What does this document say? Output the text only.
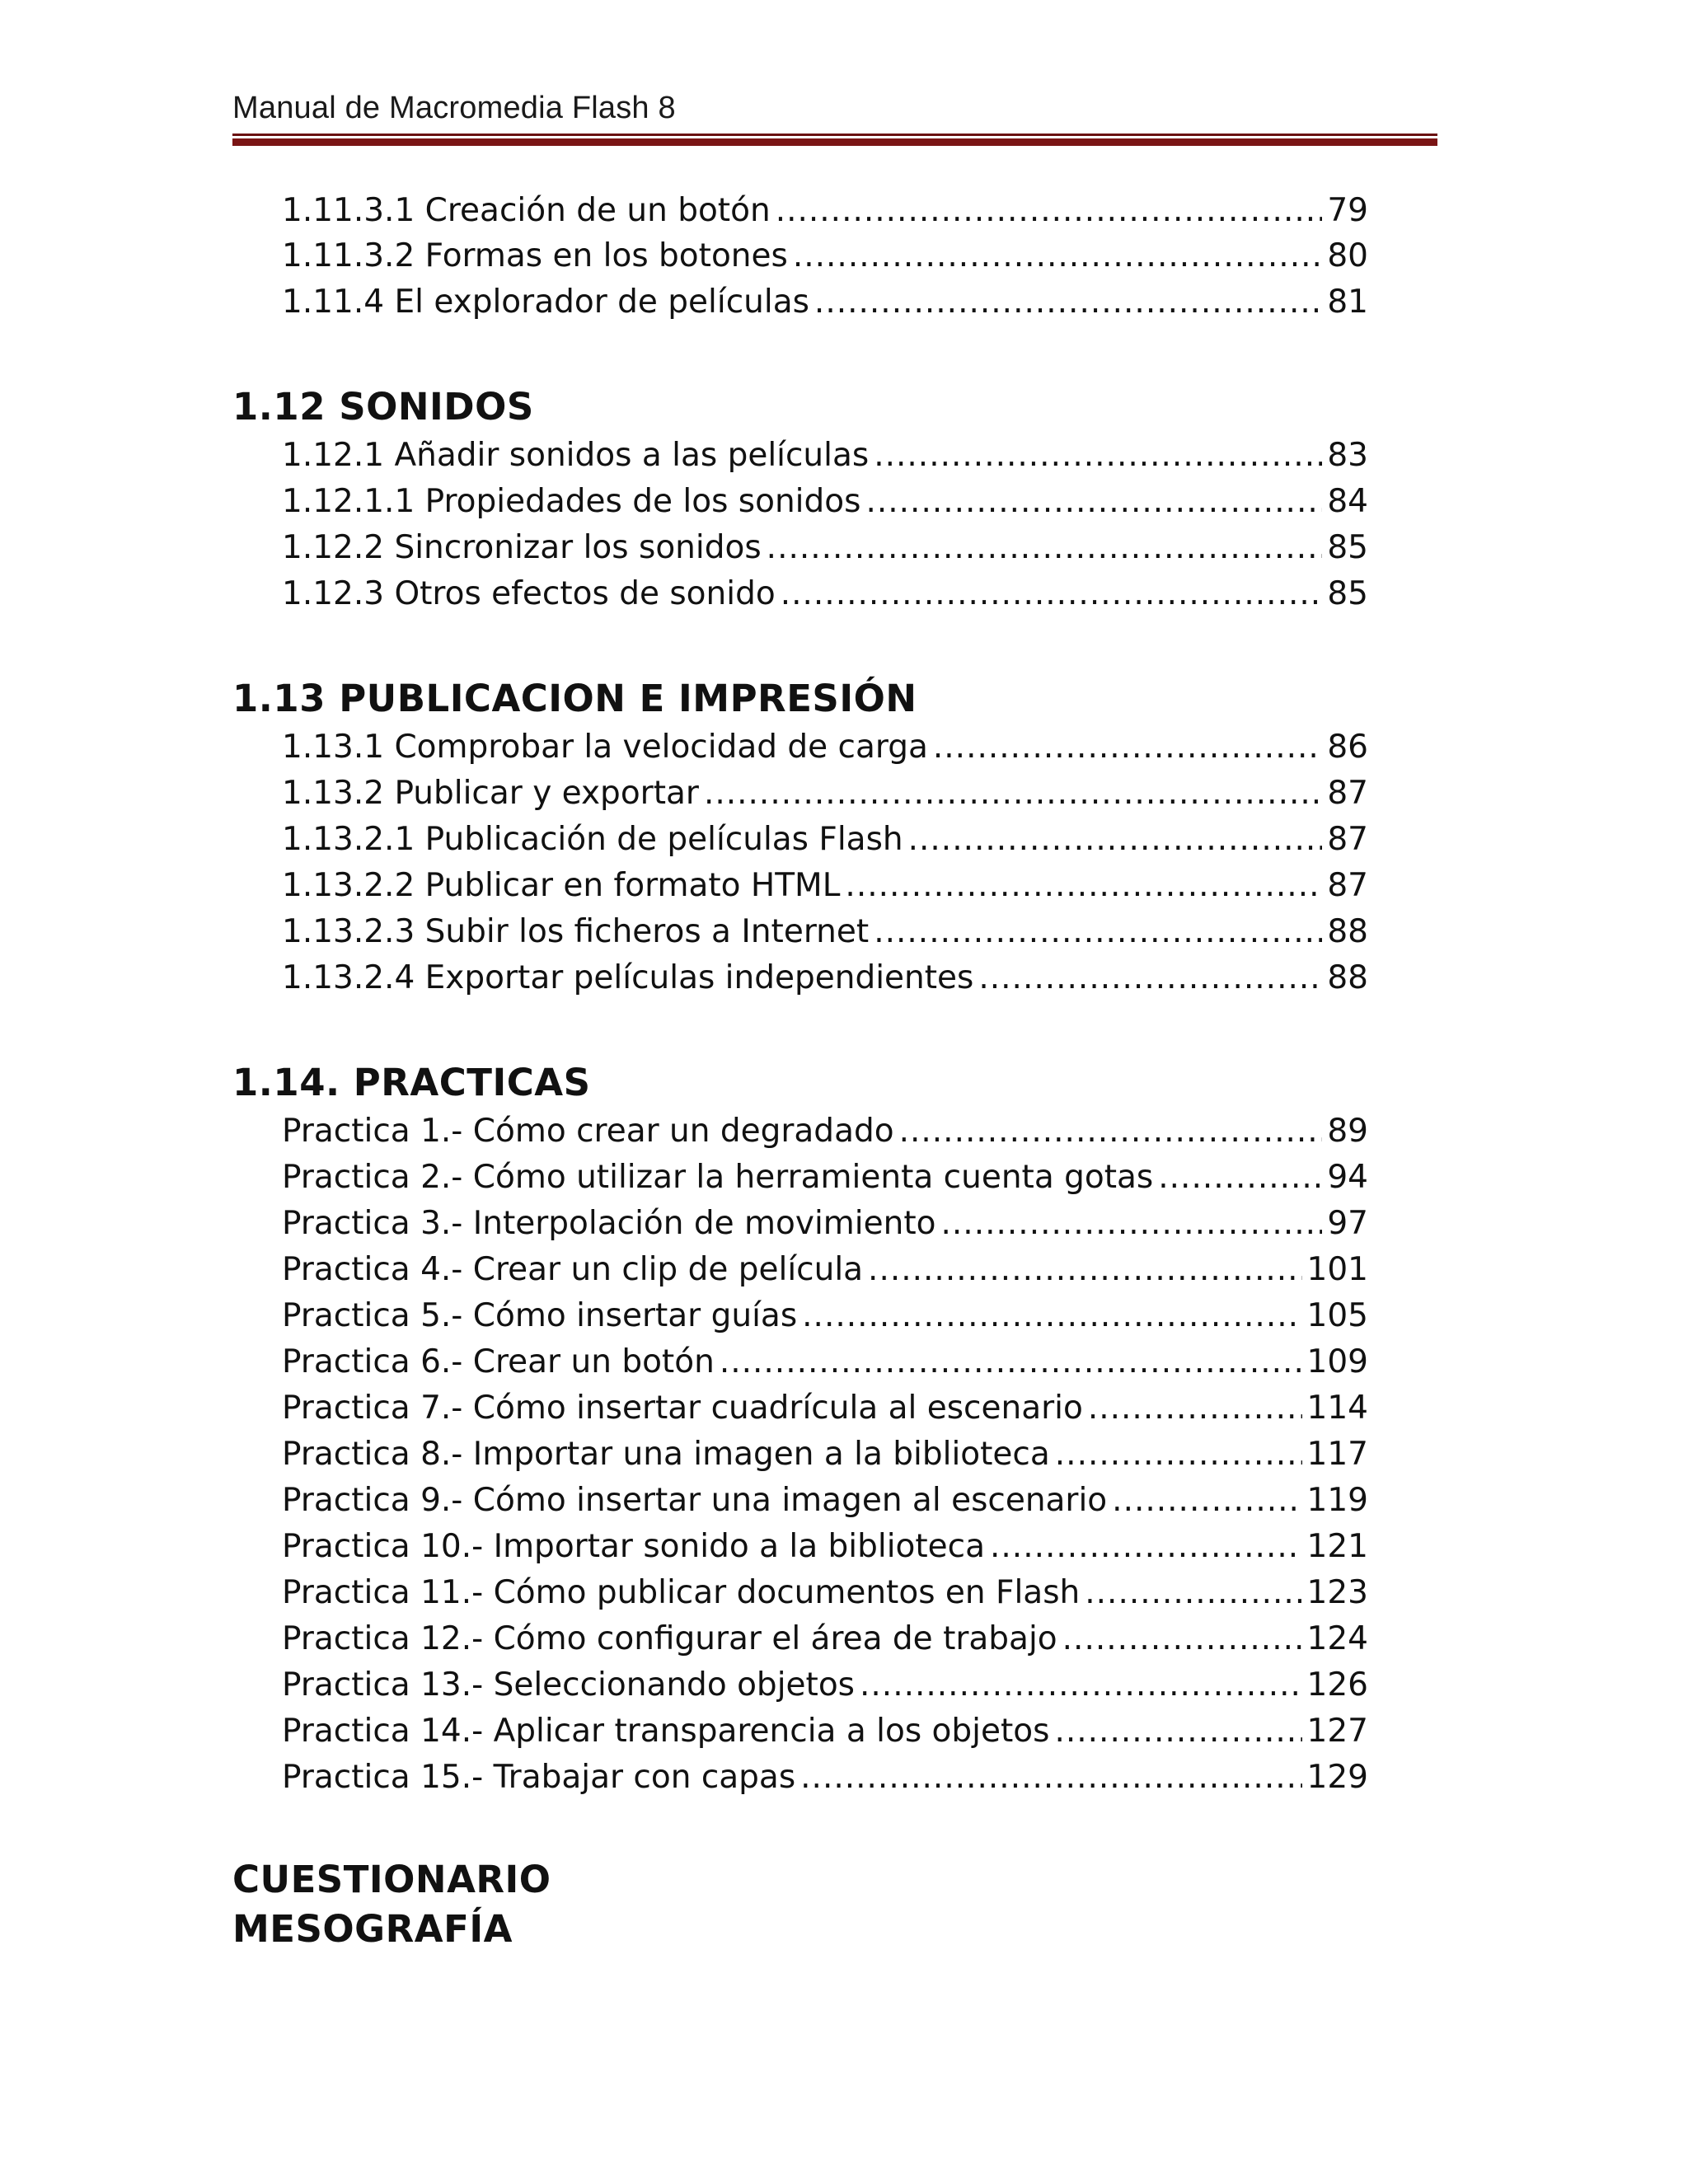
Manual de Macromedia Flash 8
1.11.3.1 Creación de un botón .....	79
1.11.3.2 Formas en los botones .....	80
1.11.4 El explorador de películas .....	81
1.12 SONIDOS
1.12.1 Añadir sonidos a las películas .....	83
1.12.1.1 Propiedades de los sonidos .....	84
1.12.2 Sincronizar los sonidos .....	85
1.12.3 Otros efectos de sonido .....	85
1.13 PUBLICACION E IMPRESIÓN
1.13.1 Comprobar la velocidad de carga .....	86
1.13.2 Publicar y exportar .....	87
1.13.2.1 Publicación de películas Flash .....	87
1.13.2.2 Publicar en formato HTML .....	87
1.13.2.3 Subir los ficheros a Internet .....	88
1.13.2.4 Exportar películas independientes .....	88
1.14. PRACTICAS
Practica 1.- Cómo crear un degradado .....	89
Practica 2.- Cómo utilizar la herramienta cuenta gotas .....	94
Practica 3.- Interpolación de movimiento .....	97
Practica 4.- Crear un clip de película .....	101
Practica 5.- Cómo insertar guías .....	105
Practica 6.- Crear un botón .....	109
Practica 7.- Cómo insertar cuadrícula al escenario .....	114
Practica 8.- Importar una imagen a la biblioteca .....	117
Practica 9.- Cómo insertar una imagen al escenario .....	119
Practica 10.- Importar sonido a la biblioteca .....	121
Practica 11.- Cómo publicar documentos en Flash .....	123
Practica 12.- Cómo configurar el área de trabajo .....	124
Practica 13.- Seleccionando objetos .....	126
Practica 14.- Aplicar transparencia a los objetos .....	127
Practica 15.- Trabajar con capas .....	129
CUESTIONARIO
MESOGRAFÍA
